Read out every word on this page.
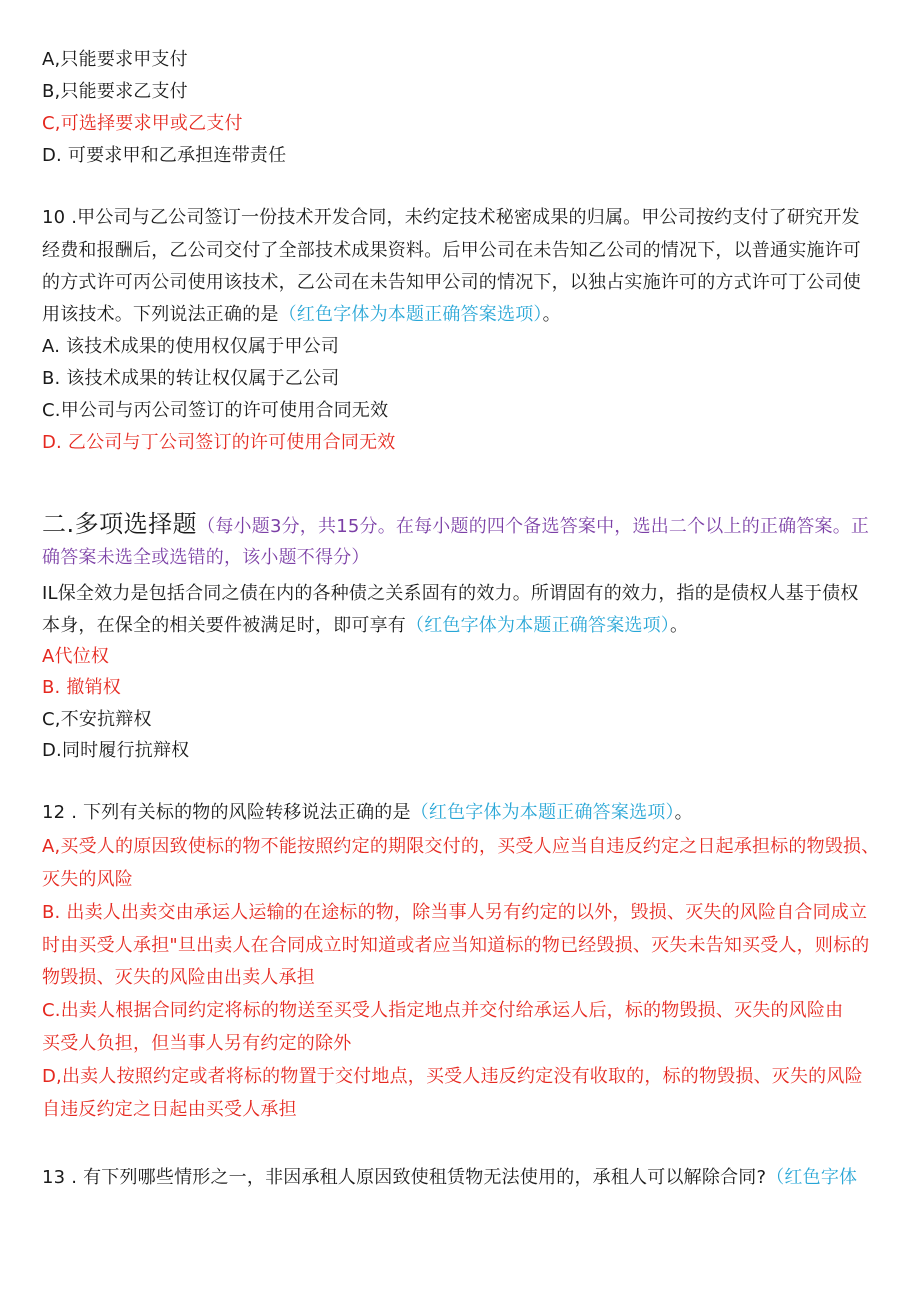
A,只能要求甲支付
B,只能要求乙支付
C,可选择要求甲或乙支付
D. 可要求甲和乙承担连带责任
10 .甲公司与乙公司签订一份技术开发合同，未约定技术秘密成果的归属。甲公司按约支付了研究开发
经费和报酬后，乙公司交付了全部技术成果资料。后甲公司在未告知乙公司的情况下，以普通实施许可
的方式许可丙公司使用该技术，乙公司在未告知甲公司的情况下，以独占实施许可的方式许可丁公司使
用该技术。下列说法正确的是（红色字体为本题正确答案选项）。
A. 该技术成果的使用权仅属于甲公司
B. 该技术成果的转让权仅属于乙公司
C.甲公司与丙公司签订的许可使用合同无效
D. 乙公司与丁公司签订的许可使用合同无效
二.多项选择题（每小题3分，共15分。在每小题的四个备选答案中，选出二个以上的正确答案。正
确答案未选全或选错的，该小题不得分）
IL保全效力是包括合同之债在内的各种债之关系固有的效力。所谓固有的效力，指的是债权人基于债权
本身，在保全的相关要件被满足时，即可享有（红色字体为本题正确答案选项）。
A代位权
B. 撤销权
C,不安抗辩权
D.同时履行抗辩权
12 . 下列有关标的物的风险转移说法正确的是（红色字体为本题正确答案选项）。
A,买受人的原因致使标的物不能按照约定的期限交付的，买受人应当自违反约定之日起承担标的物毁损、
灭失的风险
B. 出卖人出卖交由承运人运输的在途标的物，除当事人另有约定的以外，毁损、灭失的风险自合同成立
时由买受人承担"旦出卖人在合同成立时知道或者应当知道标的物已经毁损、灭失未告知买受人，则标的
物毁损、灭失的风险由出卖人承担
C.出卖人根据合同约定将标的物送至买受人指定地点并交付给承运人后，标的物毁损、灭失的风险由
买受人负担，但当事人另有约定的除外
D,出卖人按照约定或者将标的物置于交付地点，买受人违反约定没有收取的，标的物毁损、灭失的风险
自违反约定之日起由买受人承担
13 . 有下列哪些情形之一，非因承租人原因致使租赁物无法使用的，承租人可以解除合同?（红色字体
